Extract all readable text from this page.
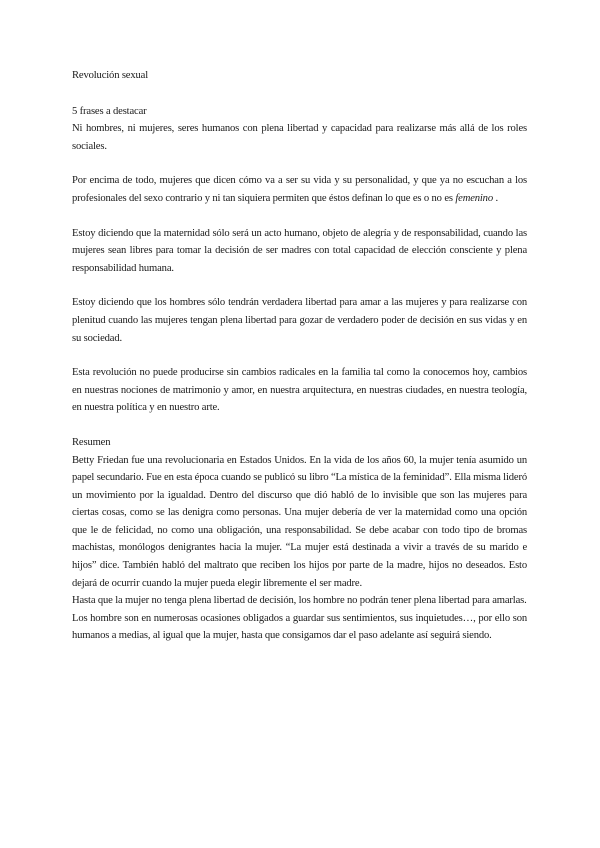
Revolución sexual

5 frases a destacar

Ni hombres, ni mujeres, seres humanos con plena libertad y capacidad para realizarse más allá de los roles sociales.

Por encima de todo, mujeres que dicen cómo va a ser su vida y su personalidad, y que ya no escuchan a los profesionales del sexo contrario y ni tan siquiera permiten que éstos definan lo que es o no es femenino .

Estoy diciendo que la maternidad sólo será un acto humano, objeto de alegría y de responsabilidad, cuando las mujeres sean libres para tomar la decisión de ser madres con total capacidad de elección consciente y plena responsabilidad humana.

Estoy diciendo que los hombres sólo tendrán verdadera libertad para amar a las mujeres y para realizarse con plenitud cuando las mujeres tengan plena libertad para gozar de verdadero poder de decisión en sus vidas y en su sociedad.

Esta revolución no puede producirse sin cambios radicales en la familia tal como la conocemos hoy, cambios en nuestras nociones de matrimonio y amor, en nuestra arquitectura, en nuestras ciudades, en nuestra teología, en nuestra política y en nuestro arte.

Resumen

Betty Friedan fue una revolucionaria en Estados Unidos. En la vida de los años 60, la mujer tenía asumido un papel secundario. Fue en esta época cuando se publicó su libro “La mística de la feminidad”. Ella misma lideró un movimiento por la igualdad. Dentro del discurso que dió habló de lo invisible que son las mujeres para ciertas cosas, como se las denigra como personas. Una mujer debería de ver la maternidad como una opción que le de felicidad, no como una obligación, una responsabilidad. Se debe acabar con todo tipo de bromas machistas, monólogos denigrantes hacia la mujer. “La mujer está destinada a vivir a través de su marido e hijos” dice. También habló del maltrato que reciben los hijos por parte de la madre, hijos no deseados. Esto dejará de ocurrir cuando la mujer pueda elegir libremente el ser madre.

Hasta que la mujer no tenga plena libertad de decisión, los hombre no podrán tener plena libertad para amarlas.

Los hombre son en numerosas ocasiones obligados a guardar sus sentimientos, sus inquietudes…, por ello son humanos a medias, al igual que la mujer, hasta que consigamos dar el paso adelante así seguirá siendo.
